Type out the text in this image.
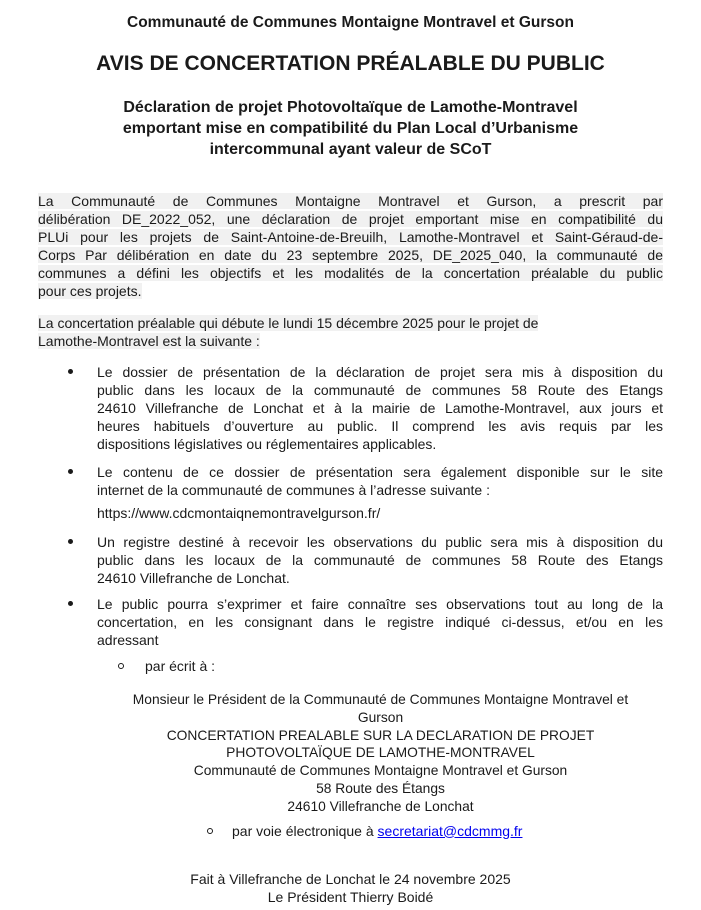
Communauté de Communes Montaigne Montravel et Gurson
AVIS DE CONCERTATION PRÉALABLE DU PUBLIC
Déclaration de projet Photovoltaïque de Lamothe-Montravel
emportant mise en compatibilité du Plan Local d’Urbanisme
intercommunal ayant valeur de SCoT
La Communauté de Communes Montaigne Montravel et Gurson, a prescrit par
délibération DE_2022_052, une déclaration de projet emportant mise en compatibilité du
PLUi pour les projets de Saint-Antoine-de-Breuilh, Lamothe-Montravel et Saint-Géraud-de-
Corps Par délibération en date du 23 septembre 2025, DE_2025_040, la communauté de
communes a défini les objectifs et les modalités de la concertation préalable du public
pour ces projets.
La concertation préalable qui débute le lundi 15 décembre 2025 pour le projet de
Lamothe-Montravel est la suivante :
Le dossier de présentation de la déclaration de projet sera mis à disposition du
public dans les locaux de la communauté de communes 58 Route des Etangs
24610 Villefranche de Lonchat et à la mairie de Lamothe-Montravel, aux jours et
heures habituels d’ouverture au public. Il comprend les avis requis par les
dispositions législatives ou réglementaires applicables.
Le contenu de ce dossier de présentation sera également disponible sur le site
internet de la communauté de communes à l’adresse suivante :
https://www.cdcmontaiqnemontravelgurson.fr/
Un registre destiné à recevoir les observations du public sera mis à disposition du
public dans les locaux de la communauté de communes 58 Route des Etangs
24610 Villefranche de Lonchat.
Le public pourra s’exprimer et faire connaître ses observations tout au long de la
concertation, en les consignant dans le registre indiqué ci-dessus, et/ou en les
adressant
par écrit à :
Monsieur le Président de la Communauté de Communes Montaigne Montravel et
Gurson
CONCERTATION PREALABLE SUR LA DECLARATION DE PROJET
PHOTOVOLTAÏQUE DE LAMOTHE-MONTRAVEL
Communauté de Communes Montaigne Montravel et Gurson
58 Route des Étangs
24610 Villefranche de Lonchat
par voie électronique à secretariat@cdcmmg.fr
Fait à Villefranche de Lonchat le 24 novembre 2025
Le Président Thierry Boidé
